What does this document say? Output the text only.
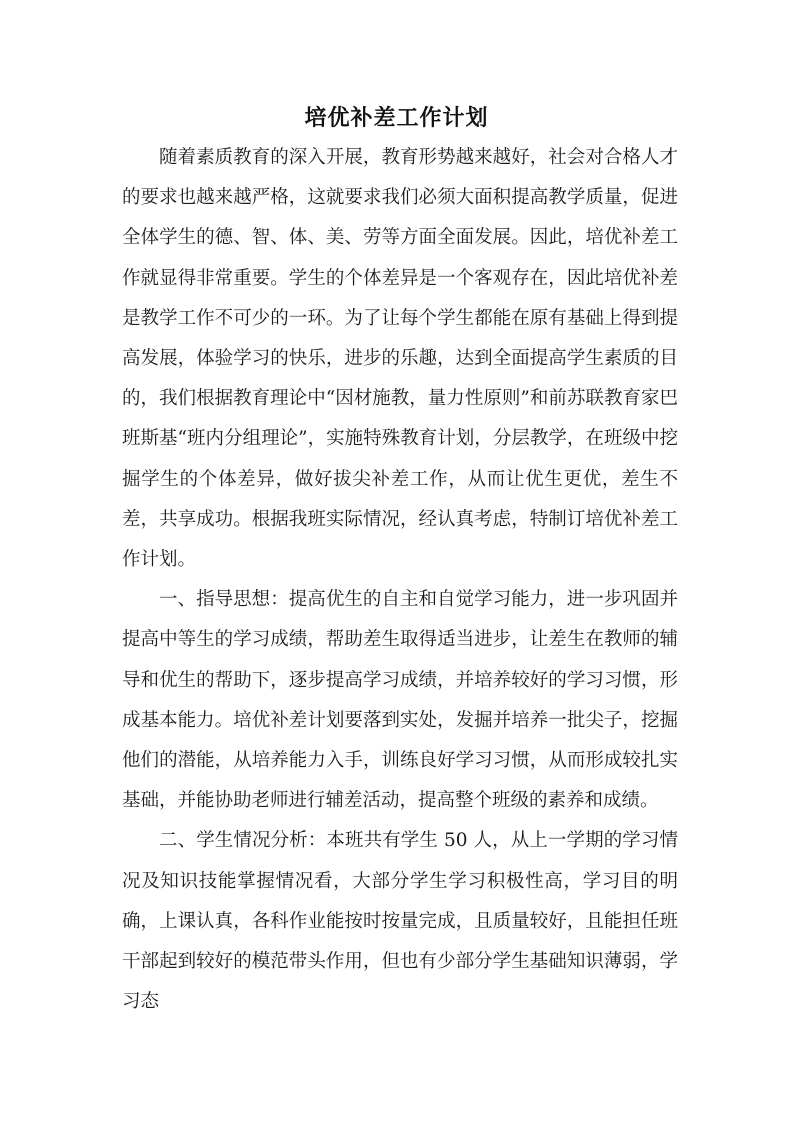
培优补差工作计划

随着素质教育的深入开展，教育形势越来越好，社会对合格人才的要求也越来越严格，这就要求我们必须大面积提高教学质量，促进全体学生的德、智、体、美、劳等方面全面发展。因此，培优补差工作就显得非常重要。学生的个体差异是一个客观存在，因此培优补差是教学工作不可少的一环。为了让每个学生都能在原有基础上得到提高发展，体验学习的快乐，进步的乐趣，达到全面提高学生素质的目的，我们根据教育理论中“因材施教，量力性原则”和前苏联教育家巴班斯基“班内分组理论”，实施特殊教育计划，分层教学，在班级中挖掘学生的个体差异，做好拔尖补差工作，从而让优生更优，差生不差，共享成功。根据我班实际情况，经认真考虑，特制订培优补差工作计划。

一、指导思想：提高优生的自主和自觉学习能力，进一步巩固并提高中等生的学习成绩，帮助差生取得适当进步，让差生在教师的辅导和优生的帮助下，逐步提高学习成绩，并培养较好的学习习惯，形成基本能力。培优补差计划要落到实处，发掘并培养一批尖子，挖掘他们的潜能，从培养能力入手，训练良好学习习惯，从而形成较扎实基础，并能协助老师进行辅差活动，提高整个班级的素养和成绩。

二、学生情况分析：本班共有学生 50 人，从上一学期的学习情况及知识技能掌握情况看，大部分学生学习积极性高，学习目的明确，上课认真，各科作业能按时按量完成，且质量较好，且能担任班干部起到较好的模范带头作用，但也有少部分学生基础知识薄弱，学习态
